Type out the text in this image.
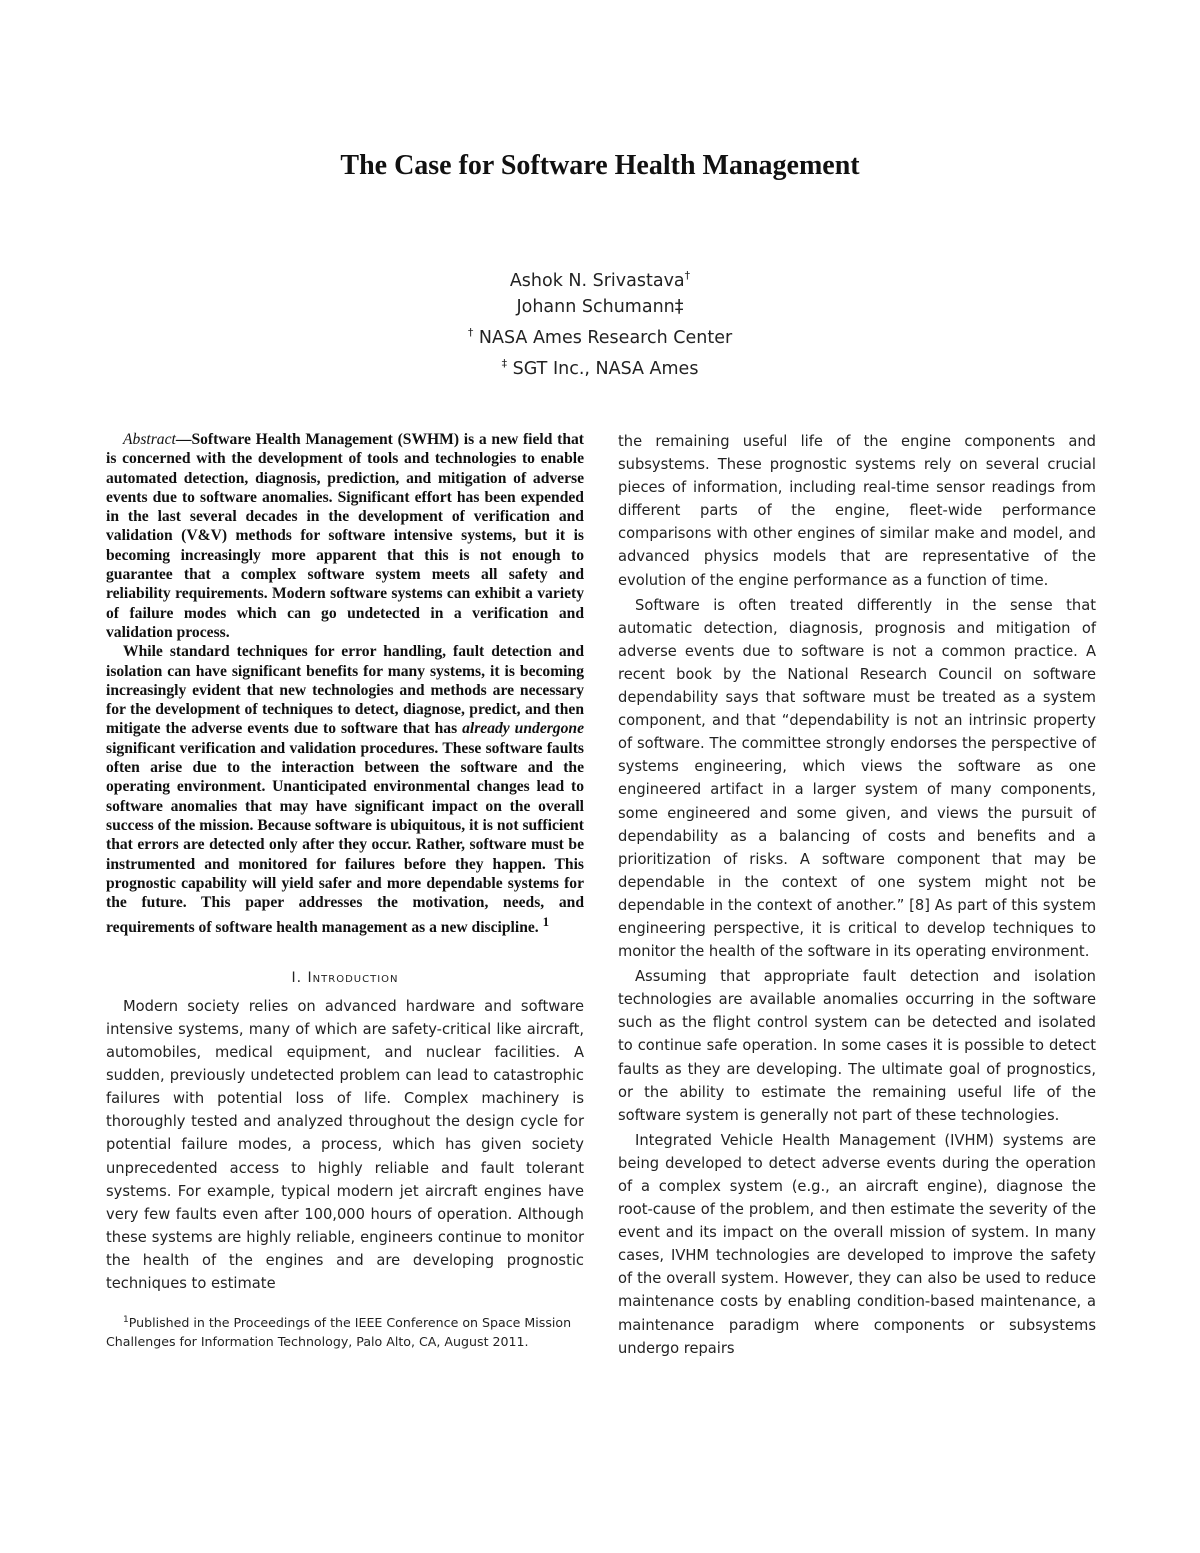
The Case for Software Health Management
Ashok N. Srivastava†
Johann Schumann‡
† NASA Ames Research Center
‡ SGT Inc., NASA Ames

Abstract—Software Health Management (SWHM) is a new field that is concerned with the development of tools and technologies to enable automated detection, diagnosis, prediction, and mitigation of adverse events due to software anomalies. Significant effort has been expended in the last several decades in the development of verification and validation (V&V) methods for software intensive systems, but it is becoming increasingly more apparent that this is not enough to guarantee that a complex software system meets all safety and reliability requirements. Modern software systems can exhibit a variety of failure modes which can go undetected in a verification and validation process.

While standard techniques for error handling, fault detection and isolation can have significant benefits for many systems, it is becoming increasingly evident that new technologies and methods are necessary for the development of techniques to detect, diagnose, predict, and then mitigate the adverse events due to software that has already undergone significant verification and validation procedures. These software faults often arise due to the interaction between the software and the operating environment. Unanticipated environmental changes lead to software anomalies that may have significant impact on the overall success of the mission. Because software is ubiquitous, it is not sufficient that errors are detected only after they occur. Rather, software must be instrumented and monitored for failures before they happen. This prognostic capability will yield safer and more dependable systems for the future. This paper addresses the motivation, needs, and requirements of software health management as a new discipline. $^1$

I. Introduction

Modern society relies on advanced hardware and software intensive systems, many of which are safety-critical like aircraft, automobiles, medical equipment, and nuclear facilities. A sudden, previously undetected problem can lead to catastrophic failures with potential loss of life. Complex machinery is thoroughly tested and analyzed throughout the design cycle for potential failure modes, a process, which has given society unprecedented access to highly reliable and fault tolerant systems. For example, typical modern jet aircraft engines have very few faults even after 100,000 hours of operation. Although these systems are highly reliable, engineers continue to monitor the health of the engines and are developing prognostic techniques to estimate

$^1$Published in the Proceedings of the IEEE Conference on Space Mission Challenges for Information Technology, Palo Alto, CA, August 2011.

the remaining useful life of the engine components and subsystems. These prognostic systems rely on several crucial pieces of information, including real-time sensor readings from different parts of the engine, fleet-wide performance comparisons with other engines of similar make and model, and advanced physics models that are representative of the evolution of the engine performance as a function of time.

Software is often treated differently in the sense that automatic detection, diagnosis, prognosis and mitigation of adverse events due to software is not a common practice. A recent book by the National Research Council on software dependability says that software must be treated as a system component, and that “dependability is not an intrinsic property of software. The committee strongly endorses the perspective of systems engineering, which views the software as one engineered artifact in a larger system of many components, some engineered and some given, and views the pursuit of dependability as a balancing of costs and benefits and a prioritization of risks. A software component that may be dependable in the context of one system might not be dependable in the context of another.” [8] As part of this system engineering perspective, it is critical to develop techniques to monitor the health of the software in its operating environment.

Assuming that appropriate fault detection and isolation technologies are available anomalies occurring in the software such as the flight control system can be detected and isolated to continue safe operation. In some cases it is possible to detect faults as they are developing. The ultimate goal of prognostics, or the ability to estimate the remaining useful life of the software system is generally not part of these technologies.

Integrated Vehicle Health Management (IVHM) systems are being developed to detect adverse events during the operation of a complex system (e.g., an aircraft engine), diagnose the root-cause of the problem, and then estimate the severity of the event and its impact on the overall mission of system. In many cases, IVHM technologies are developed to improve the safety of the overall system. However, they can also be used to reduce maintenance costs by enabling condition-based maintenance, a maintenance paradigm where components or subsystems undergo repairs
